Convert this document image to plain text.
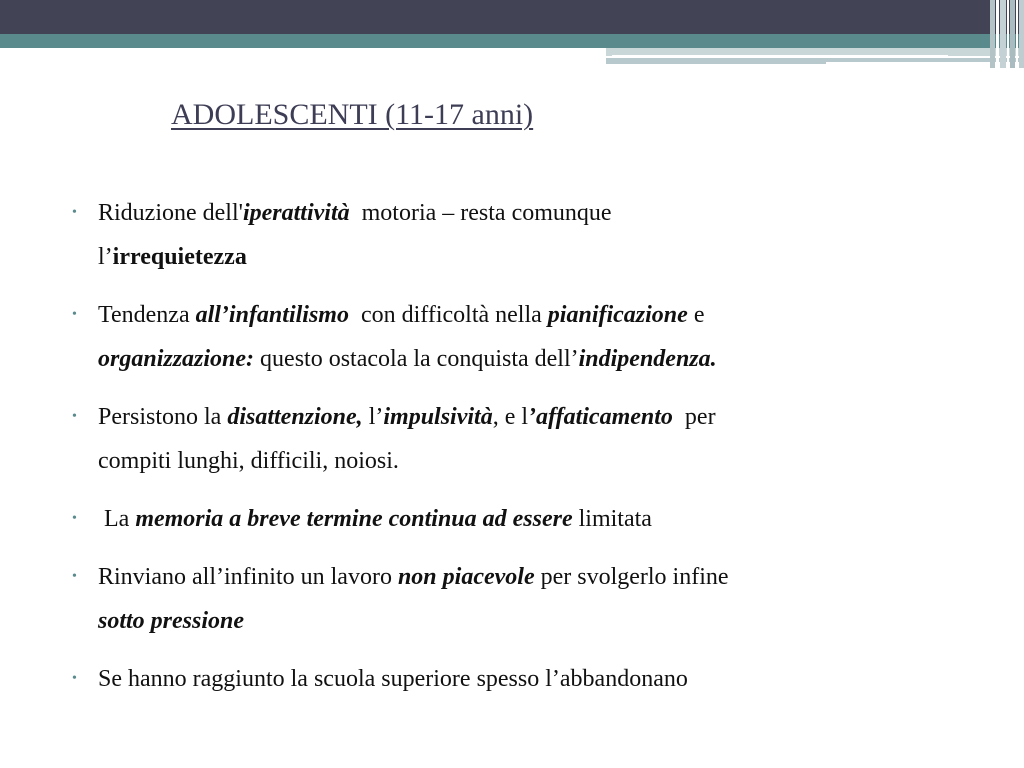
ADOLESCENTI (11-17 anni)
• Riduzione dell'iperattività  motoria – resta comunque
l’irrequietezza
• Tendenza all’infantilismo  con difficoltà nella pianificazione e
organizzazione: questo ostacola la conquista dell’indipendenza.
• Persistono la disattenzione, l’impulsività, e l’affaticamento  per
compiti lunghi, difficili, noiosi.
• La memoria a breve termine continua ad essere limitata
• Rinviano all’infinito un lavoro non piacevole per svolgerlo infine
sotto pressione
• Se hanno raggiunto la scuola superiore spesso l’abbandonano
